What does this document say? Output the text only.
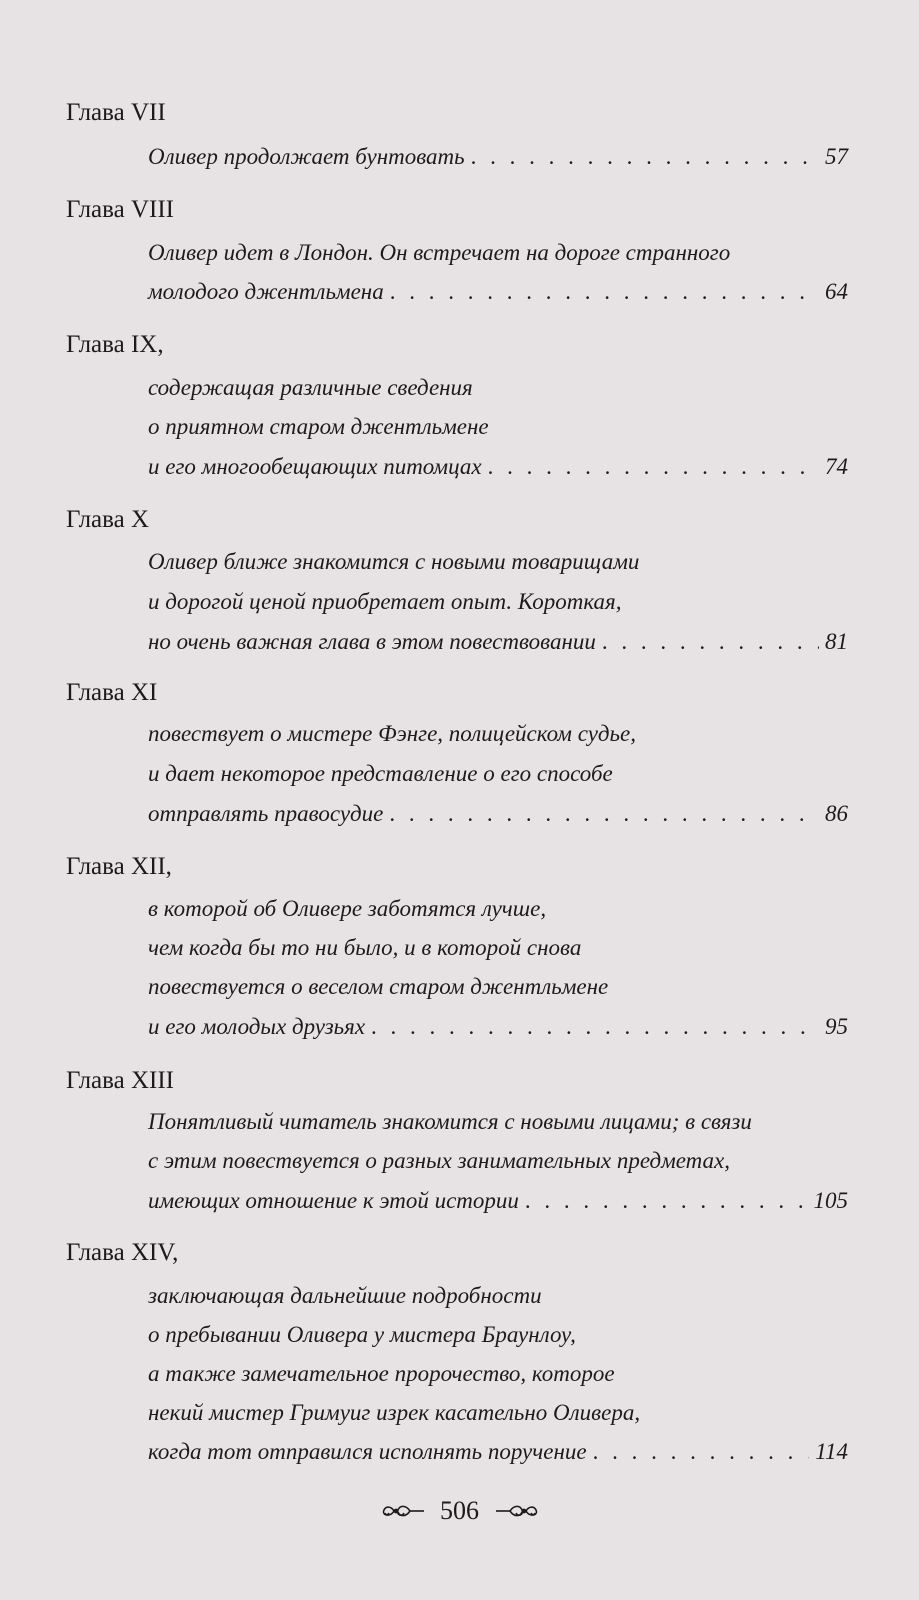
Глава VII
Оливер продолжает бунтовать . . .	57
Глава VIII
Оливер идет в Лондон. Он встречает на дороге странного
молодого джентльмена . . .	64
Глава IX,
содержащая различные сведения
о приятном старом джентльмене
и его многообещающих питомцах . . .	74
Глава X
Оливер ближе знакомится с новыми товарищами
и дорогой ценой приобретает опыт. Короткая,
но очень важная глава в этом повествовании . . .	81
Глава XI
повествует о мистере Фэнге, полицейском судье,
и дает некоторое представление о его способе
отправлять правосудие . . .	86
Глава XII,
в которой об Оливере заботятся лучше,
чем когда бы то ни было, и в которой снова
повествуется о веселом старом джентльмене
и его молодых друзьях . . .	95
Глава XIII
Понятливый читатель знакомится с новыми лицами; в связи
с этим повествуется о разных занимательных предметах,
имеющих отношение к этой истории . . .	105
Глава XIV,
заключающая дальнейшие подробности
о пребывании Оливера у мистера Браунлоу,
а также замечательное пророчество, которое
некий мистер Гримуиг изрек касательно Оливера,
когда тот отправился исполнять поручение . . .	114
506
